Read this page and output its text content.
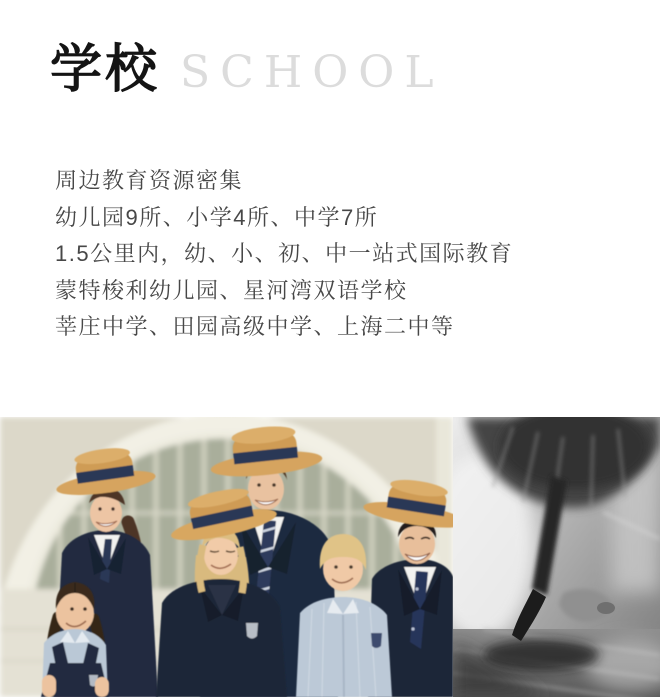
学校 SCHOOL

周边教育资源密集

幼儿园9所、小学4所、中学7所

1.5公里内，幼、小、初、中一站式国际教育

蒙特梭利幼儿园、星河湾双语学校

莘庄中学、田园高级中学、上海二中等
